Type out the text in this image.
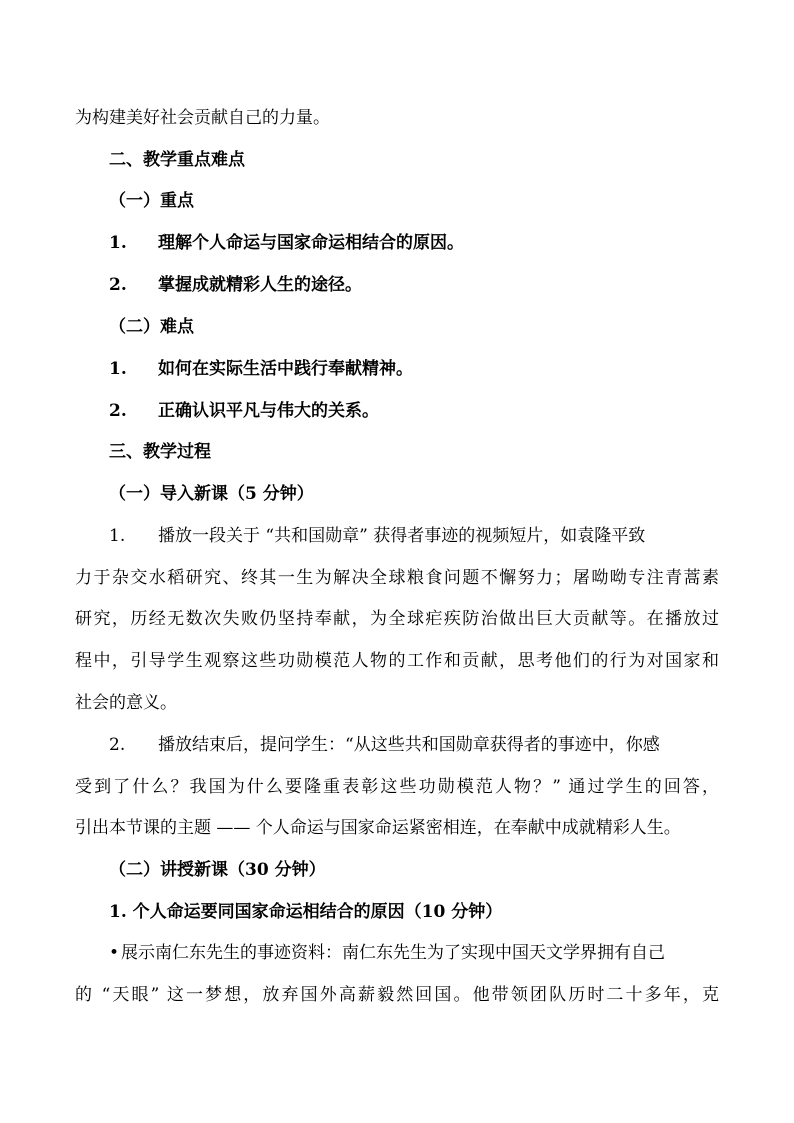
为构建美好社会贡献自己的力量。
二、教学重点难点
（一）重点
1. 理解个人命运与国家命运相结合的原因。
2. 掌握成就精彩人生的途径。
（二）难点
1. 如何在实际生活中践行奉献精神。
2. 正确认识平凡与伟大的关系。
三、教学过程
（一）导入新课（5 分钟）
1. 播放一段关于 “共和国勋章” 获得者事迹的视频短片，如袁隆平致
力于杂交水稻研究、终其一生为解决全球粮食问题不懈努力；屠呦呦专注青蒿素
研究，历经无数次失败仍坚持奉献，为全球疟疾防治做出巨大贡献等。在播放过
程中，引导学生观察这些功勋模范人物的工作和贡献，思考他们的行为对国家和
社会的意义。
2. 播放结束后，提问学生：“从这些共和国勋章获得者的事迹中，你感
受到了什么？我国为什么要隆重表彰这些功勋模范人物？” 通过学生的回答，
引出本节课的主题 —— 个人命运与国家命运紧密相连，在奉献中成就精彩人生。
（二）讲授新课（30 分钟）
1. 个人命运要同国家命运相结合的原因（10 分钟）
• 展示南仁东先生的事迹资料：南仁东先生为了实现中国天文学界拥有自己
的 “天眼” 这一梦想，放弃国外高薪毅然回国。他带领团队历时二十多年，克
